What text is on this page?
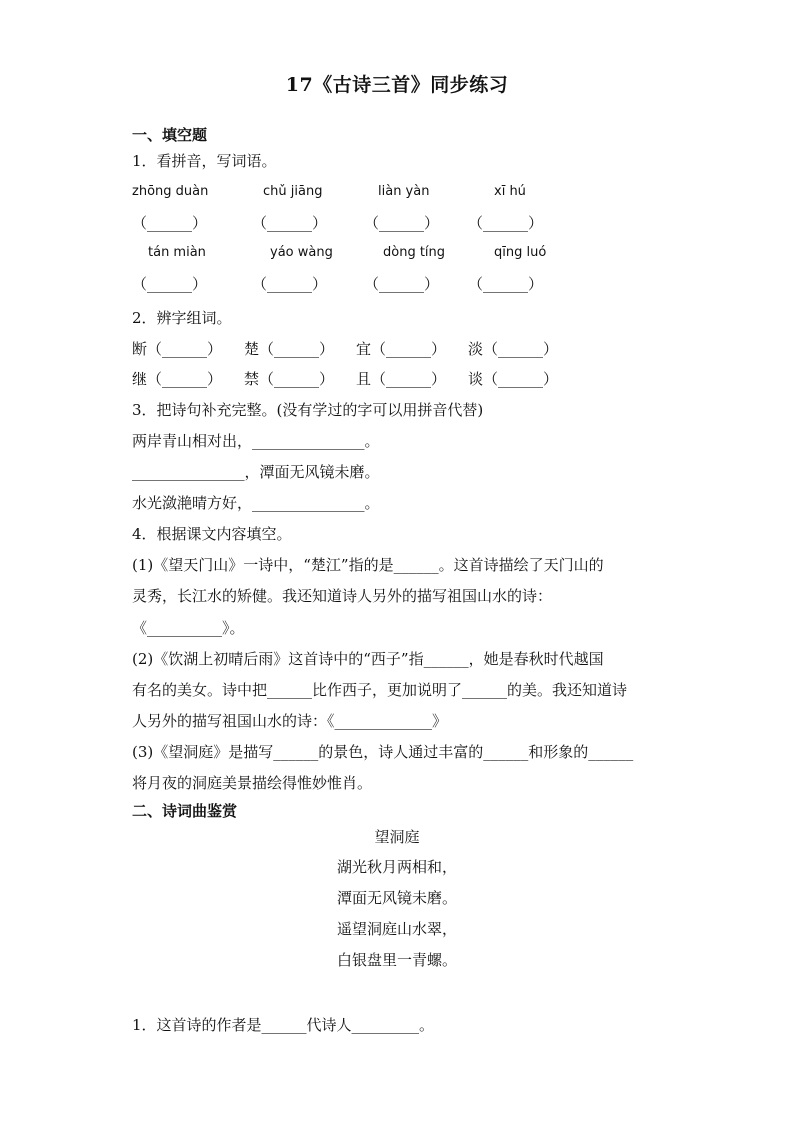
17《古诗三首》同步练习
一、填空题
1．看拼音，写词语。
zhōng duàn	chǔ jiāng	liàn yàn	xī hú
（______）	（______） （______） （______）
tán miàn	yáo wàng	dòng tíng	qīng luó
（______）	（______） （______） （______）
2．辨字组词。
断（______） 楚（______） 宜（______） 淡（______）
继（______） 禁（______） 且（______） 谈（______）
3．把诗句补充完整。(没有学过的字可以用拼音代替)
两岸青山相对出，_______________。
_______________，潭面无风镜未磨。
水光潋滟晴方好，_______________。
4．根据课文内容填空。
(1)《望天门山》一诗中，“楚江”指的是______。这首诗描绘了天门山的
灵秀，长江水的矫健。我还知道诗人另外的描写祖国山水的诗：
《__________》。
(2)《饮湖上初晴后雨》这首诗中的“西子”指______，她是春秋时代越国
有名的美女。诗中把______比作西子，更加说明了______的美。我还知道诗
人另外的描写祖国山水的诗：《_____________》
(3)《望洞庭》是描写______的景色，诗人通过丰富的______和形象的______
将月夜的洞庭美景描绘得惟妙惟肖。
二、诗词曲鉴赏
望洞庭
湖光秋月两相和，
潭面无风镜未磨。
遥望洞庭山水翠，
白银盘里一青螺。
1．这首诗的作者是______代诗人_________。
